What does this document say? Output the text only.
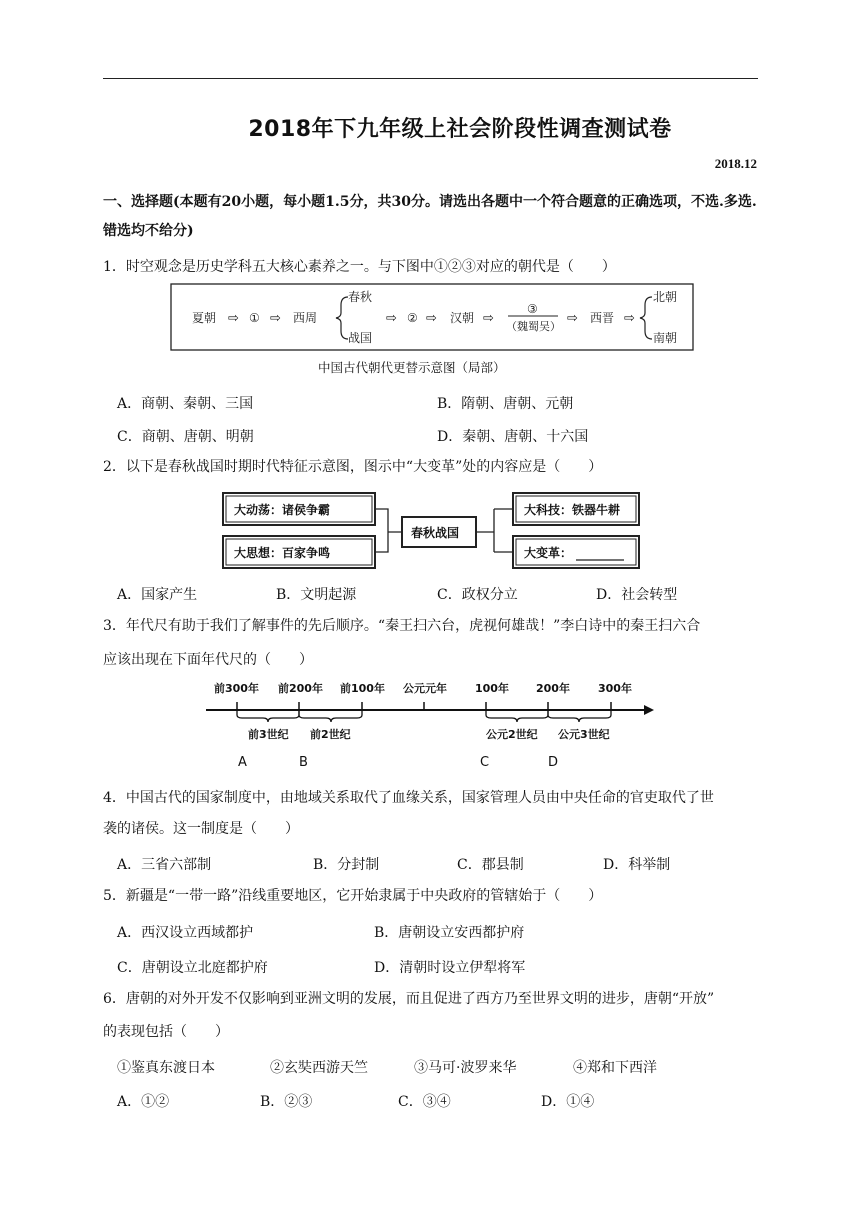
2018年下九年级上社会阶段性调查测试卷
2018.12
一、选择题(本题有20小题，每小题1.5分，共30分。请选出各题中一个符合题意的正确选项，不选.多选.错选均不给分)
1．时空观念是历史学科五大核心素养之一。与下图中①②③对应的朝代是（　　）
夏朝 ⇨ ① ⇨ 西周
春秋
战国
⇨ ② ⇨ 汉朝 ⇨
③
（魏蜀吴）
⇨ 西晋 ⇨
北朝
南朝
中国古代朝代更替示意图（局部）
A．商朝、秦朝、三国	B．隋朝、唐朝、元朝
C．商朝、唐朝、明朝	D．秦朝、唐朝、十六国
2．以下是春秋战国时期时代特征示意图，图示中“大变革”处的内容应是（　　）
大动荡：诸侯争霸
大思想：百家争鸣
春秋战国
大科技：铁器牛耕
大变革：
A．国家产生	B．文明起源	C．政权分立	D．社会转型
3．年代尺有助于我们了解事件的先后顺序。“秦王扫六台，虎视何雄哉！”李白诗中的秦王扫六合
应该出现在下面年代尺的（　　）
前300年 前200年 前100年 公元元年	100年 200年	300年
前3世纪 前2世纪	公元2世纪 公元3世纪
A	B	C	D
4．中国古代的国家制度中，由地域关系取代了血缘关系，国家管理人员由中央任命的官吏取代了世
袭的诸侯。这一制度是（　　）
A．三省六部制	B．分封制	C．郡县制	D．科举制
5．新疆是“一带一路”沿线重要地区，它开始隶属于中央政府的管辖始于（　　）
A．西汉设立西域都护	B．唐朝设立安西都护府
C．唐朝设立北庭都护府	D．清朝时设立伊犁将军
6．唐朝的对外开发不仅影响到亚洲文明的发展，而且促进了西方乃至世界文明的进步，唐朝“开放”
的表现包括（　　）
①鉴真东渡日本	②玄奘西游天竺	③马可·波罗来华	④郑和下西洋
A．①②	B．②③	C．③④	D．①④
